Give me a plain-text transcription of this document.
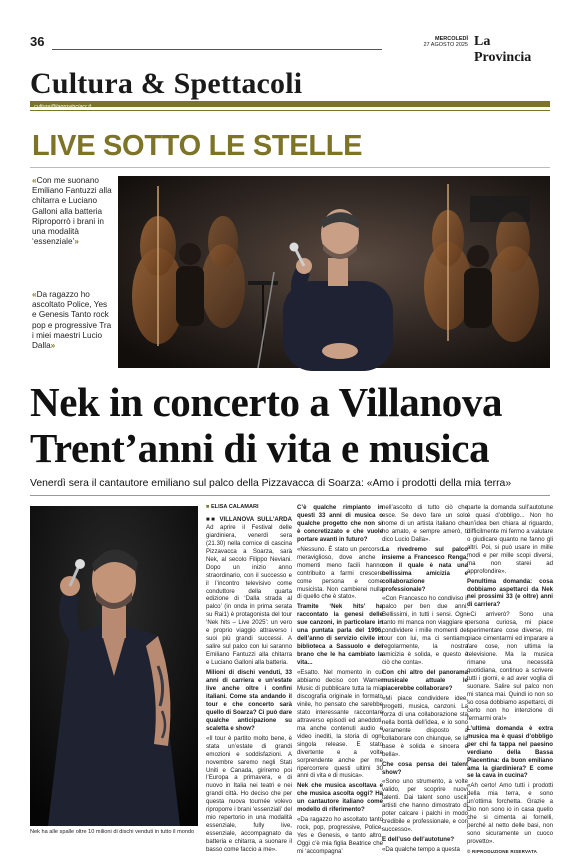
36	MERCOLEDÌ
27 AGOSTO 2025 La Provincia
Cultura & Spettacoli
cultura@laprovinciacr.it
LIVE SOTTO LE STELLE
«Con me suonano Emiliano Fantuzzi alla chitarra e Luciano Galloni alla batteria Riproporrò i brani in una modalità ‘essenziale’»
«Da ragazzo ho ascoltato Police, Yes e Genesis Tanto rock pop e progressive Tra i miei maestri Lucio Dalla»
Nek in concerto a Villanova
Trent’anni di vita e musica
Venerdì sera il cantautore emiliano sul palco della Pizzavacca di Soarza: «Amo i prodotti della mia terra»
Nek ha alle spalle oltre 10 milioni di dischi venduti in tutto il mondo
■ ELISA CALAMARI

■■ VILLANOVA SULL’ARDA Ad aprire il Festival delle giardiniera, venerdì sera (21.30) nella cornice di cascina Pizzavacca a Soarza, sarà Nek, al secolo Filippo Neviani. Dopo un inizio anno straordinario, con il successo e il l’incontro televisivo come conduttore della quarta edizione di ‘Dalla strada al palco’ (in onda in prima serata su Rai1) è protagonista del tour ‘Nek hits – Live 2025’: un vero e proprio viaggio attraverso i suoi più grandi successi. A salire sul palco con lui saranno Emiliano Fantuzzi alla chitarra e Luciano Galloni alla batteria.

Milioni di dischi venduti, 33 anni di carriera e un’estate live anche oltre i confini italiani. Come sta andando il tour e che concerto sarà quello di Soarza? Ci può dare qualche anticipazione su scaletta e show?

«Il tour è partito molto bene, è stata un’estate di grandi emozioni e soddisfazioni. A novembre saremo negli Stati Uniti e Canada, giriremo poi l’Europa a primavera, e di nuovo in Italia nei teatri e nei grandi città. Ho deciso che per questa nuova tournée volevo riproporre i brani ‘essenziali’ del mio repertorio in una modalità essenziale, fully live, essenziale, accompagnato da batteria e chitarra, a suonare il basso come faccio a me».

C’è qualche rimpianto in questi 33 anni di musica o qualche progetto che non si è concretizzato e che vuole portare avanti in futuro?

«Nessuno. È stato un percorso meraviglioso, dove anche i momenti meno facili hanno contribuito a farmi crescere come persona e come musicista. Non cambierei nulla di quello che è stato».

Tramite ‘Nek hits’ ha raccontato la genesi delle sue canzoni, in particolare in una puntata parla del 1996, dell’anno di servizio civile in biblioteca a Sassuolo e del brano che le ha cambiato la vita...

«Esatto. Nel momento in cui abbiamo deciso con Warner Music di pubblicare tutta la mia discografia originale in formato vinile, ho pensato che sarebbe stato interessante raccontare attraverso episodi ed aneddoti, ma anche contenuti audio e video inediti, la storia di ogni singola release. E stato divertente e a volte sorprendente anche per me ripercorrere questi ultimi 30 anni di vita e di musica».

Nek che musica ascoltava e che musica ascolta oggi? Ha un cantautore italiano come modello di riferimento?

«Da ragazzo ho ascoltato tanto rock, pop, progressive, Police, Yes e Genesis, e tanto altro. Oggi c’è mia figlia Beatrice che mi ‘accompagna’

nell’ascolto di tutto ciò che esce. Se devo fare un solo nome di un artista italiano che ho amato, e sempre amerò, ti dico Lucio Dalla».

La rivedremo sul palco insieme a Francesco Renga, con il quale è nata una bellissima amicizia e collaborazione professionale?

«Con Francesco ho condiviso il palco per ben due anni. Bellissimi, in tutti i sensi. Ogni tanto mi manca non viaggiare e condividere i mille momenti del tour con lui, ma ci sentiamo regolarmente, la nostra amicizia è solida, e questo è ciò che conta».

Con chi altro del panorama musicale attuale le piacerebbe collaborare?

«Mi piace condividere idee, progetti, musica, canzoni. La forza di una collaborazione sta nella bontà dell’idea, e io sono veramente disposto a collaborare con chiunque, se la base è solida e sincera e bella».

Che cosa pensa dei talent show?

«Sono uno strumento, a volte valido, per scoprire nuovi talenti. Dai talent sono usciti artisti che hanno dimostrato di poter calcare i palchi in modo credibile e professionale, e con successo».

E dell’uso dell’autotune?

«Da qualche tempo a questa

parte la domanda sull’autotune è quasi d’obbligo... Non ho un’idea ben chiara al riguardo, difficilmente mi fermo a valutare o giudicare quanto ne fanno gli altri. Poi, si può usare in mille modi e per mille scopi diversi, ma non starei ad approfondire».

Penultima domanda: cosa dobbiamo aspettarci da Nek nei prossimi 33 (e oltre) anni di carriera?

«Ci arriverò? Sono una persona curiosa, mi piace sperimentare cose diverse, mi piace cimentarmi ed imparare a fare cose, non ultima la televisione. Ma la musica rimane una necessità quotidiana, continuo a scrivere tutti i giorni, e ad aver voglia di suonare. Salire sul palco non mi stanca mai. Quindi io non so so cosa dobbiamo aspettarci, di certo non ho intenzione di fermarmi ora!»

L’ultima domanda è extra musica ma è quasi d’obbligo per chi fa tappa nel paesino verdiano della Bassa Piacentina: da buon emiliano ama la giardiniera? E come se la cava in cucina?

«Ah certo! Amo tutti i prodotti della mia terra, e sono un’ottima forchetta. Grazie a Dio non sono io in casa quello che si cimenta ai fornelli, perché al netto delle basi, non sono sicuramente un cuoco provetto».

© RIPRODUZIONE RISERVATA
